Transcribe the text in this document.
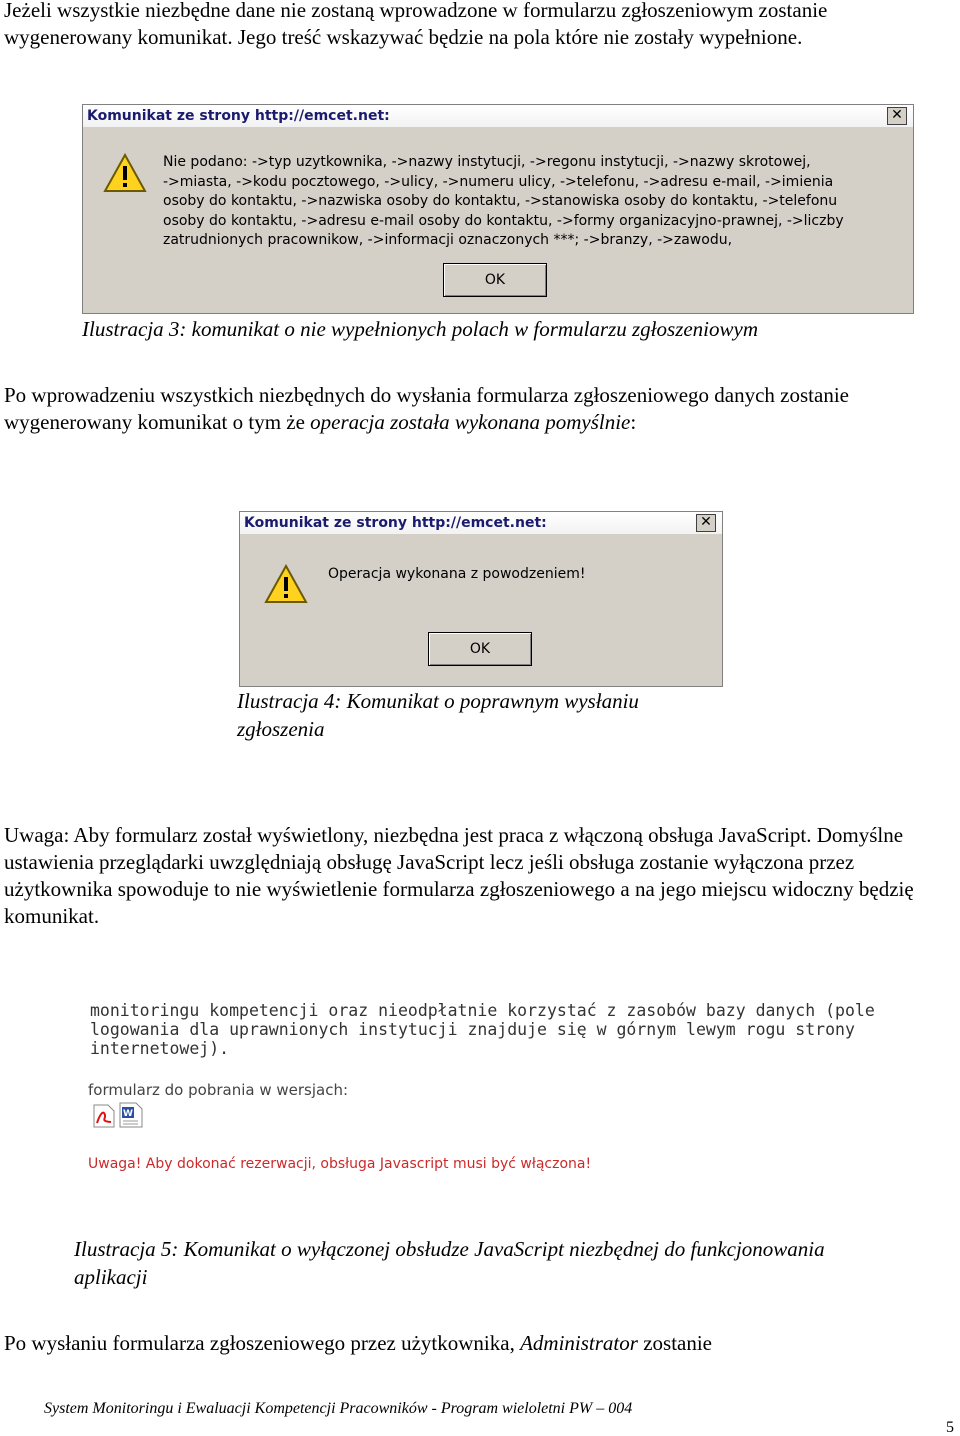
Jeżeli wszystkie niezbędne dane nie zostaną wprowadzone w formularzu zgłoszeniowym zostanie wygenerowany komunikat. Jego treść wskazywać będzie na pola które nie zostały wypełnione.
Komunikat ze strony http://emcet.net:	✕
Nie podano: ->typ uzytkownika, ->nazwy instytucji, ->regonu instytucji, ->nazwy skrotowej,
->miasta, ->kodu pocztowego, ->ulicy, ->numeru ulicy, ->telefonu, ->adresu e-mail, ->imienia
osoby do kontaktu, ->nazwiska osoby do kontaktu, ->stanowiska osoby do kontaktu, ->telefonu
osoby do kontaktu, ->adresu e-mail osoby do kontaktu, ->formy organizacyjno-prawnej, ->liczby
zatrudnionych pracownikow, ->informacji oznaczonych ***; ->branzy, ->zawodu,
OK
Ilustracja 3: komunikat o nie wypełnionych polach w formularzu zgłoszeniowym
Po wprowadzeniu wszystkich niezbędnych do wysłania formularza zgłoszeniowego danych zostanie wygenerowany komunikat o tym że operacja została wykonana pomyślnie:
Komunikat ze strony http://emcet.net:	✕
Operacja wykonana z powodzeniem!
OK
Ilustracja 4: Komunikat o poprawnym wysłaniu zgłoszenia
Uwaga: Aby formularz został wyświetlony, niezbędna jest praca z włączoną obsługa JavaScript. Domyślne ustawienia przeglądarki uwzględniają obsługę JavaScript lecz jeśli obsługa zostanie wyłączona przez użytkownika spowoduje to nie wyświetlenie formularza zgłoszeniowego a na jego miejscu widoczny będzię komunikat.
monitoringu kompetencji oraz nieodpłatnie korzystać z zasobów bazy danych (pole
logowania dla uprawnionych instytucji znajduje się w górnym lewym rogu strony
internetowej).
formularz do pobrania w wersjach:
W
Uwaga! Aby dokonać rezerwacji, obsługa Javascript musi być włączona!
Ilustracja 5: Komunikat o wyłączonej obsłudze JavaScript niezbędnej do funkcjonowania aplikacji
Po wysłaniu formularza zgłoszeniowego przez użytkownika, Administrator zostanie
System Monitoringu i Ewaluacji Kompetencji Pracowników - Program wieloletni PW – 004
5
